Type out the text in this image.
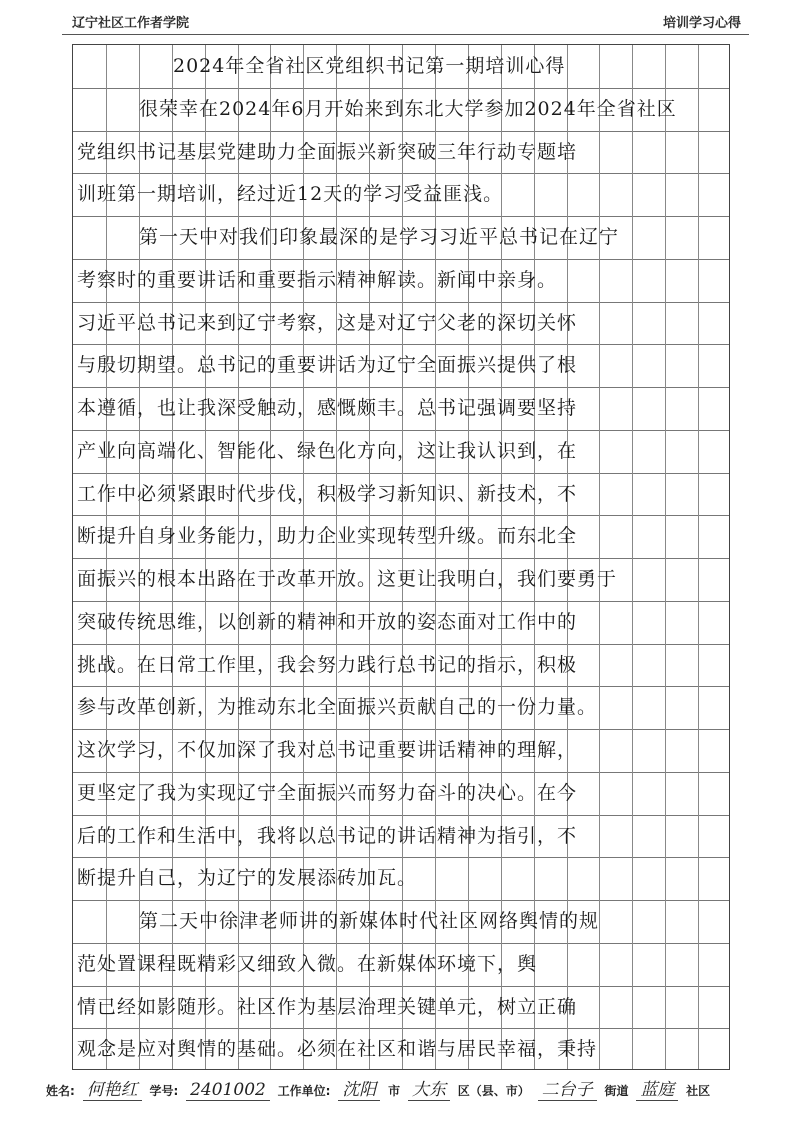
辽宁社区工作者学院	培训学习心得
2024年全省社区党组织书记第一期培训心得
很荣幸在2024年6月开始来到东北大学参加2024年全省社区
党组织书记基层党建助力全面振兴新突破三年行动专题培
训班第一期培训，经过近12天的学习受益匪浅。
第一天中对我们印象最深的是学习习近平总书记在辽宁
考察时的重要讲话和重要指示精神解读。新闻中亲身。
习近平总书记来到辽宁考察，这是对辽宁父老的深切关怀
与殷切期望。总书记的重要讲话为辽宁全面振兴提供了根
本遵循，也让我深受触动，感慨颇丰。总书记强调要坚持
产业向高端化、智能化、绿色化方向，这让我认识到，在
工作中必须紧跟时代步伐，积极学习新知识、新技术，不
断提升自身业务能力，助力企业实现转型升级。而东北全
面振兴的根本出路在于改革开放。这更让我明白，我们要勇于
突破传统思维，以创新的精神和开放的姿态面对工作中的
挑战。在日常工作里，我会努力践行总书记的指示，积极
参与改革创新，为推动东北全面振兴贡献自己的一份力量。
这次学习，不仅加深了我对总书记重要讲话精神的理解，
更坚定了我为实现辽宁全面振兴而努力奋斗的决心。在今
后的工作和生活中，我将以总书记的讲话精神为指引，不
断提升自己，为辽宁的发展添砖加瓦。
第二天中徐津老师讲的新媒体时代社区网络舆情的规
范处置课程既精彩又细致入微。在新媒体环境下，舆
情已经如影随形。社区作为基层治理关键单元，树立正确
观念是应对舆情的基础。必须在社区和谐与居民幸福，秉持
姓名: 何艳红 学号: 2401002 工作单位: 沈阳 市 大东 区（县、市） 二台子 街道 蓝庭 社区
